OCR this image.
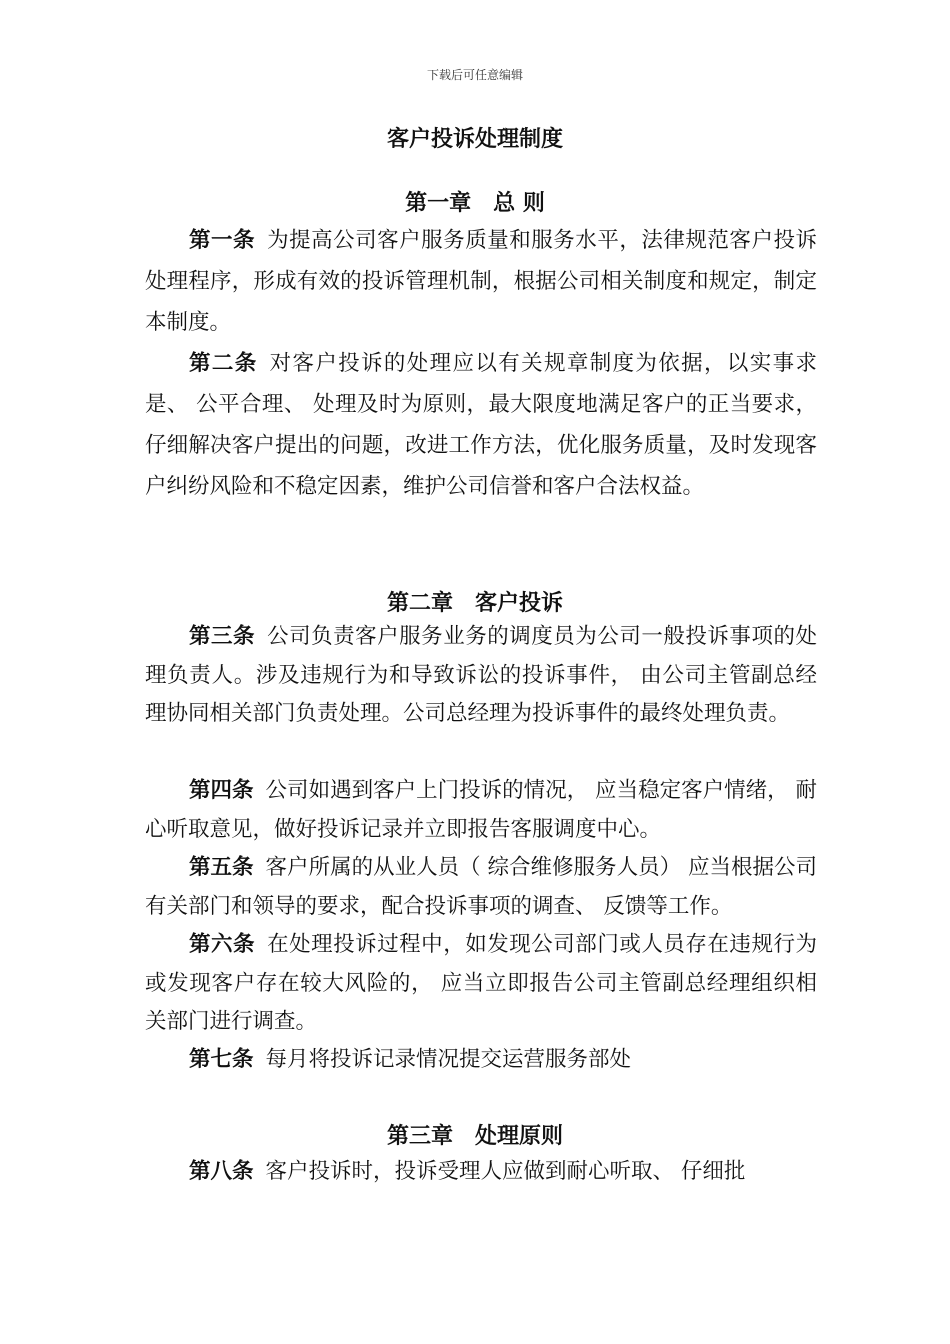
下载后可任意编辑
客户投诉处理制度
第一章　总 则
第一条 为提高公司客户服务质量和服务水平，法律规范客户投诉处理程序，形成有效的投诉管理机制，根据公司相关制度和规定，制定本制度。
第二条 对客户投诉的处理应以有关规章制度为依据，以实事求是、 公平合理、 处理及时为原则，最大限度地满足客户的正当要求，仔细解决客户提出的问题，改进工作方法，优化服务质量，及时发现客户纠纷风险和不稳定因素，维护公司信誉和客户合法权益。
第二章　客户投诉
第三条 公司负责客户服务业务的调度员为公司一般投诉事项的处理负责人。涉及违规行为和导致诉讼的投诉事件， 由公司主管副总经理协同相关部门负责处理。公司总经理为投诉事件的最终处理负责。
第四条 公司如遇到客户上门投诉的情况， 应当稳定客户情绪， 耐心听取意见，做好投诉记录并立即报告客服调度中心。
第五条 客户所属的从业人员（ 综合维修服务人员） 应当根据公司有关部门和领导的要求，配合投诉事项的调查、 反馈等工作。
第六条 在处理投诉过程中，如发现公司部门或人员存在违规行为或发现客户存在较大风险的， 应当立即报告公司主管副总经理组织相关部门进行调查。
第七条 每月将投诉记录情况提交运营服务部处
第三章　处理原则
第八条 客户投诉时，投诉受理人应做到耐心听取、 仔细批
